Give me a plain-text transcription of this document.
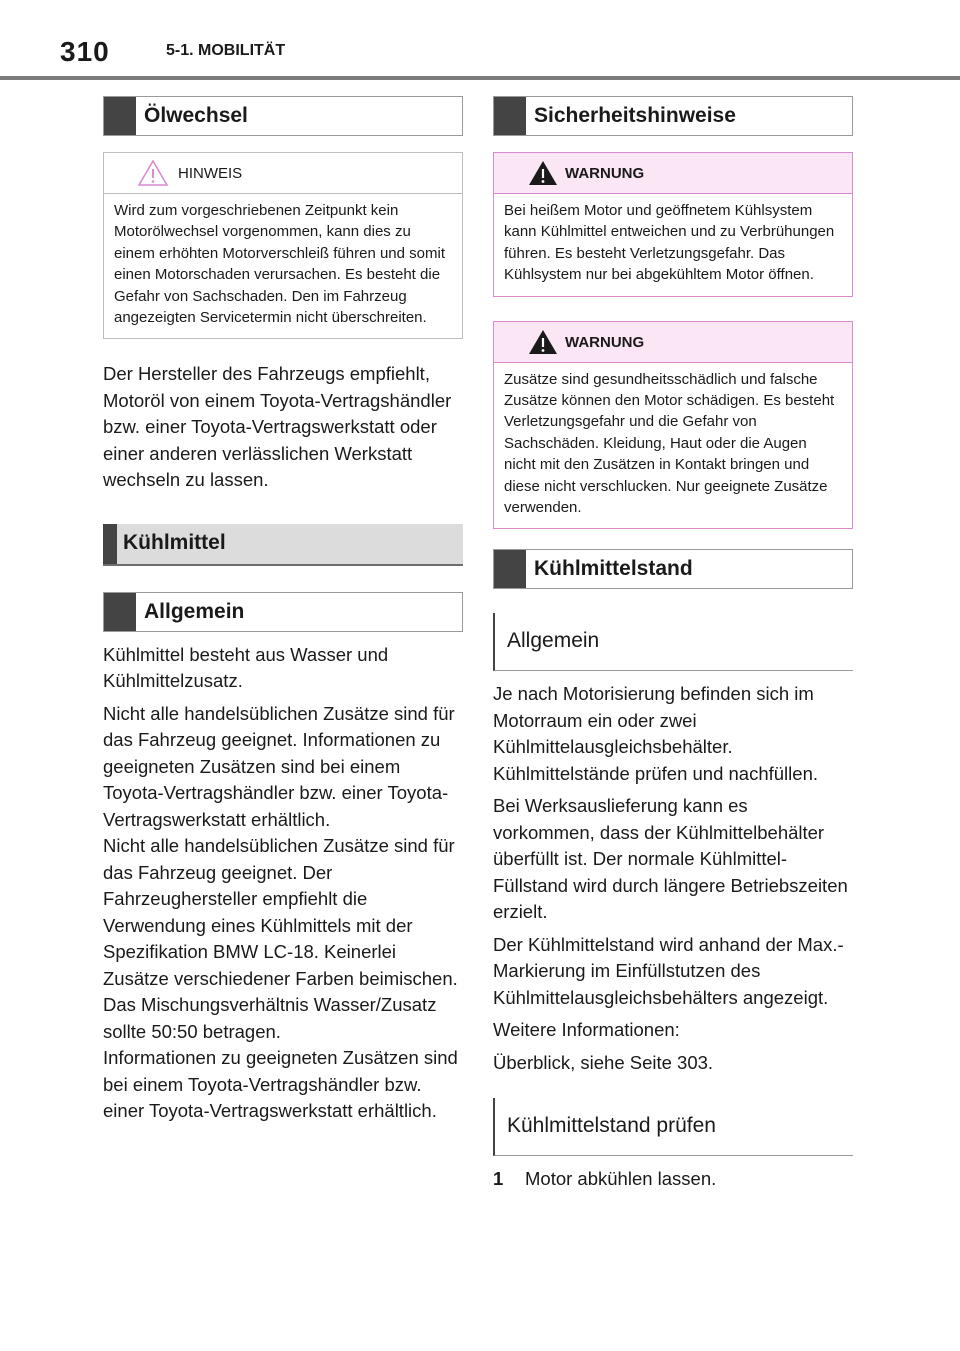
310	5-1. MOBILITÄT
Ölwechsel
HINWEIS
Wird zum vorgeschriebenen Zeitpunkt kein Motorölwechsel vorgenommen, kann dies zu einem erhöhten Motorverschleiß führen und somit einen Motorschaden verursachen. Es besteht die Gefahr von Sachschaden. Den im Fahrzeug angezeigten Servicetermin nicht überschreiten.

Der Hersteller des Fahrzeugs empfiehlt, Motoröl von einem Toyota-Vertragshändler bzw. einer Toyota-Vertragswerkstatt oder einer anderen verlässlichen Werkstatt wechseln zu lassen.

Kühlmittel
Allgemein

Kühlmittel besteht aus Wasser und Kühlmittelzusatz.

Nicht alle handelsüblichen Zusätze sind für das Fahrzeug geeignet. Informationen zu geeigneten Zusätzen sind bei einem Toyota-Vertragshändler bzw. einer Toyota-Vertragswerkstatt erhältlich.

Nicht alle handelsüblichen Zusätze sind für das Fahrzeug geeignet. Der Fahrzeughersteller empfiehlt die Verwendung eines Kühlmittels mit der Spezifikation BMW LC-18. Keinerlei Zusätze verschiedener Farben beimischen. Das Mischungsverhältnis Wasser/Zusatz sollte 50:50 betragen.

Informationen zu geeigneten Zusätzen sind bei einem Toyota-Vertragshändler bzw. einer Toyota-Vertragswerkstatt erhältlich.

Sicherheitshinweise
WARNUNG
Bei heißem Motor und geöffnetem Kühlsystem kann Kühlmittel entweichen und zu Verbrühungen führen. Es besteht Verletzungsgefahr. Das Kühlsystem nur bei abgekühltem Motor öffnen.
WARNUNG
Zusätze sind gesundheitsschädlich und falsche Zusätze können den Motor schädigen. Es besteht Verletzungsgefahr und die Gefahr von Sachschäden. Kleidung, Haut oder die Augen nicht mit den Zusätzen in Kontakt bringen und diese nicht verschlucken. Nur geeignete Zusätze verwenden.
Kühlmittelstand
Allgemein

Je nach Motorisierung befinden sich im Motorraum ein oder zwei Kühlmittelausgleichsbehälter. Kühlmittelstände prüfen und nachfüllen.

Bei Werksauslieferung kann es vorkommen, dass der Kühlmittelbehälter überfüllt ist. Der normale Kühlmittel-Füllstand wird durch längere Betriebszeiten erzielt.

Der Kühlmittelstand wird anhand der Max.-Markierung im Einfüllstutzen des Kühlmittelausgleichsbehälters angezeigt.

Weitere Informationen:

Überblick, siehe Seite 303.

Kühlmittelstand prüfen
1 Motor abkühlen lassen.
